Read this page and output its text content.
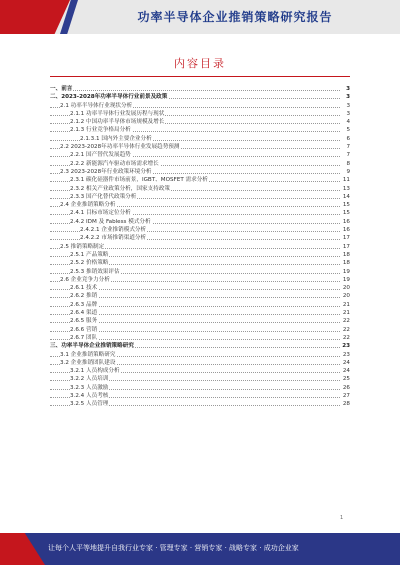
功率半导体企业推销策略研究报告
内容目录
一、前言	3
二、2023-2028年功率半导体行业前景及政策	3
2.1 功率半导体行业现状分析	3
2.1.1 功率半导体行业发展历程与现状	3
2.1.2 中国功率半导体市场规模及增长	4
2.1.3 行业竞争格局分析	5
2.1.3.1 国内外主要企业分析	6
2.2 2023-2028年功率半导体行业发展趋势预测	7
2.2.1 国产替代发展趋势	7
2.2.2 新能源汽车驱动市场需求增长	8
2.3 2023-2028年行业政策环境分析	9
2.3.1 碳化硅器件市场前景，IGBT、MOSFET 需求分析	11
2.3.2 相关产业政策分析，国家支持政策	13
2.3.3 国产化替代政策分析	14
2.4 企业推销策略分析	15
2.4.1 目标市场定位分析	15
2.4.2 IDM 及 Fabless 模式分析	16
2.4.2.1 企业推销模式分析	16
2.4.2.2 市场推销渠道分析	17
2.5 推销策略制定	17
2.5.1 产品策略	18
2.5.2 价格策略	18
2.5.3 推销效果评估	19
2.6 企业竞争力分析	19
2.6.1 技术	20
2.6.2 推销	20
2.6.3 品牌	21
2.6.4 渠道	21
2.6.5 服务	22
2.6.6 营销	22
2.6.7 团队	22
三、功率半导体企业推销策略研究	23
3.1 企业推销策略研究	23
3.2 企业推销团队建设	24
3.2.1 人员构成分析	24
3.2.2 人员培训	25
3.2.3 人员激励	26
3.2.4 人员考核	27
3.2.5 人员管理	28
1
让每个人平等地提升自我 行业专家 · 管理专家 · 营销专家 · 战略专家 · 成功企业家
